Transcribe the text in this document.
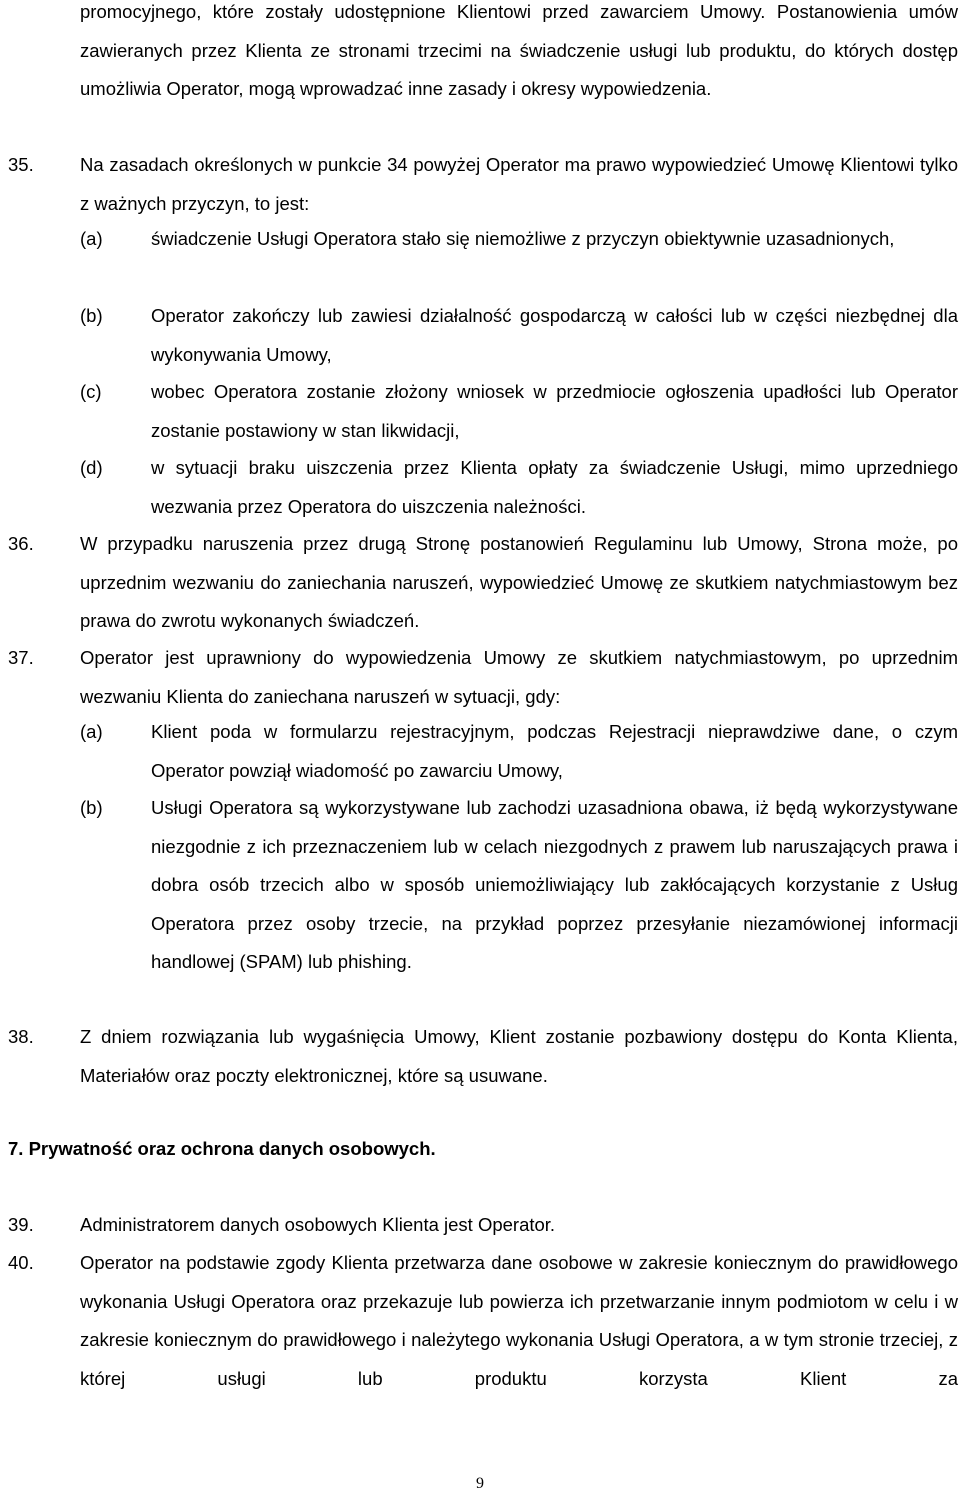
promocyjnego, które zostały udostępnione Klientowi przed zawarciem Umowy. Postanowienia umów zawieranych przez Klienta ze stronami trzecimi na świadczenie usługi lub produktu, do których dostęp umożliwia Operator, mogą wprowadzać inne zasady i okresy wypowiedzenia.

35.	Na zasadach określonych w punkcie 34 powyżej Operator ma prawo wypowiedzieć Umowę Klientowi tylko z ważnych przyczyn, to jest:

(a)	świadczenie Usługi Operatora stało się niemożliwe z przyczyn obiektywnie uzasadnionych,

(b)	Operator zakończy lub zawiesi działalność gospodarczą w całości lub w części niezbędnej dla wykonywania Umowy,

(c)	wobec Operatora zostanie złożony wniosek w przedmiocie ogłoszenia upadłości lub Operator zostanie postawiony w stan likwidacji,

(d)	w sytuacji braku uiszczenia przez Klienta opłaty za świadczenie Usługi, mimo uprzedniego wezwania przez Operatora do uiszczenia należności.

36.	W przypadku naruszenia przez drugą Stronę postanowień Regulaminu lub Umowy, Strona może, po uprzednim wezwaniu do zaniechania naruszeń, wypowiedzieć Umowę ze skutkiem natychmiastowym bez prawa do zwrotu wykonanych świadczeń.

37.	Operator jest uprawniony do wypowiedzenia Umowy ze skutkiem natychmiastowym, po uprzednim wezwaniu Klienta do zaniechana naruszeń w sytuacji, gdy:

(a)	Klient poda w formularzu rejestracyjnym, podczas Rejestracji nieprawdziwe dane, o czym Operator powziął wiadomość po zawarciu Umowy,

(b)	Usługi Operatora są wykorzystywane lub zachodzi uzasadniona obawa, iż będą wykorzystywane niezgodnie z ich przeznaczeniem lub w celach niezgodnych z prawem lub naruszających prawa i dobra osób trzecich albo w sposób uniemożliwiający lub zakłócających korzystanie z Usług Operatora przez osoby trzecie, na przykład poprzez przesyłanie niezamówionej informacji handlowej (SPAM) lub phishing.

38.	Z dniem rozwiązania lub wygaśnięcia Umowy, Klient zostanie pozbawiony dostępu do Konta Klienta, Materiałów oraz poczty elektronicznej, które są usuwane.

7. Prywatność oraz ochrona danych osobowych.
39.	Administratorem danych osobowych Klienta jest Operator.

40.	Operator na podstawie zgody Klienta przetwarza dane osobowe w zakresie koniecznym do prawidłowego wykonania Usługi Operatora oraz przekazuje lub powierza ich przetwarzanie innym podmiotom w celu i w zakresie koniecznym do prawidłowego i należytego wykonania Usługi Operatora, a w tym stronie trzeciej, z której usługi lub produktu korzysta Klient za

9
